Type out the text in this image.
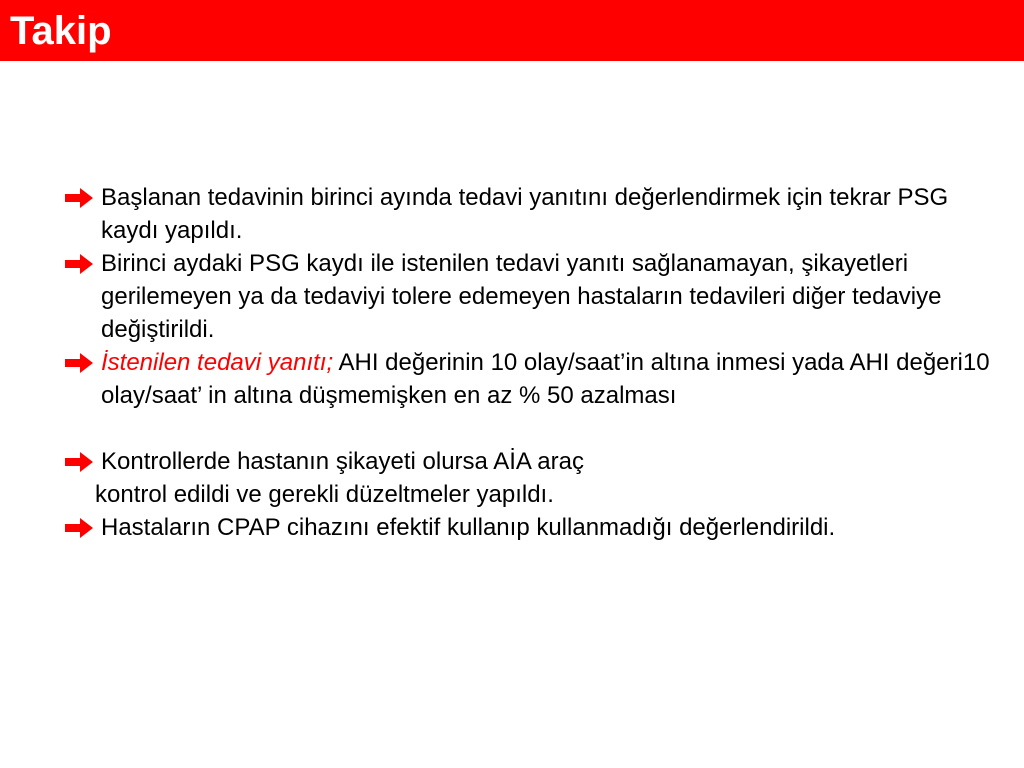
Takip

Başlanan tedavinin birinci ayında tedavi yanıtını değerlendirmek için tekrar PSG kaydı yapıldı.

Birinci aydaki PSG kaydı ile istenilen tedavi yanıtı sağlanamayan, şikayetleri gerilemeyen ya da tedaviyi tolere edemeyen hastaların tedavileri diğer tedaviye değiştirildi.

İstenilen tedavi yanıtı; AHI değerinin 10 olay/saat’in altına inmesi yada AHI değeri10 olay/saat’ in altına düşmemişken en az % 50 azalması

Kontrollerde hastanın şikayeti olursa AİA araç

kontrol edildi ve gerekli düzeltmeler yapıldı.

Hastaların CPAP cihazını efektif kullanıp kullanmadığı değerlendirildi.
